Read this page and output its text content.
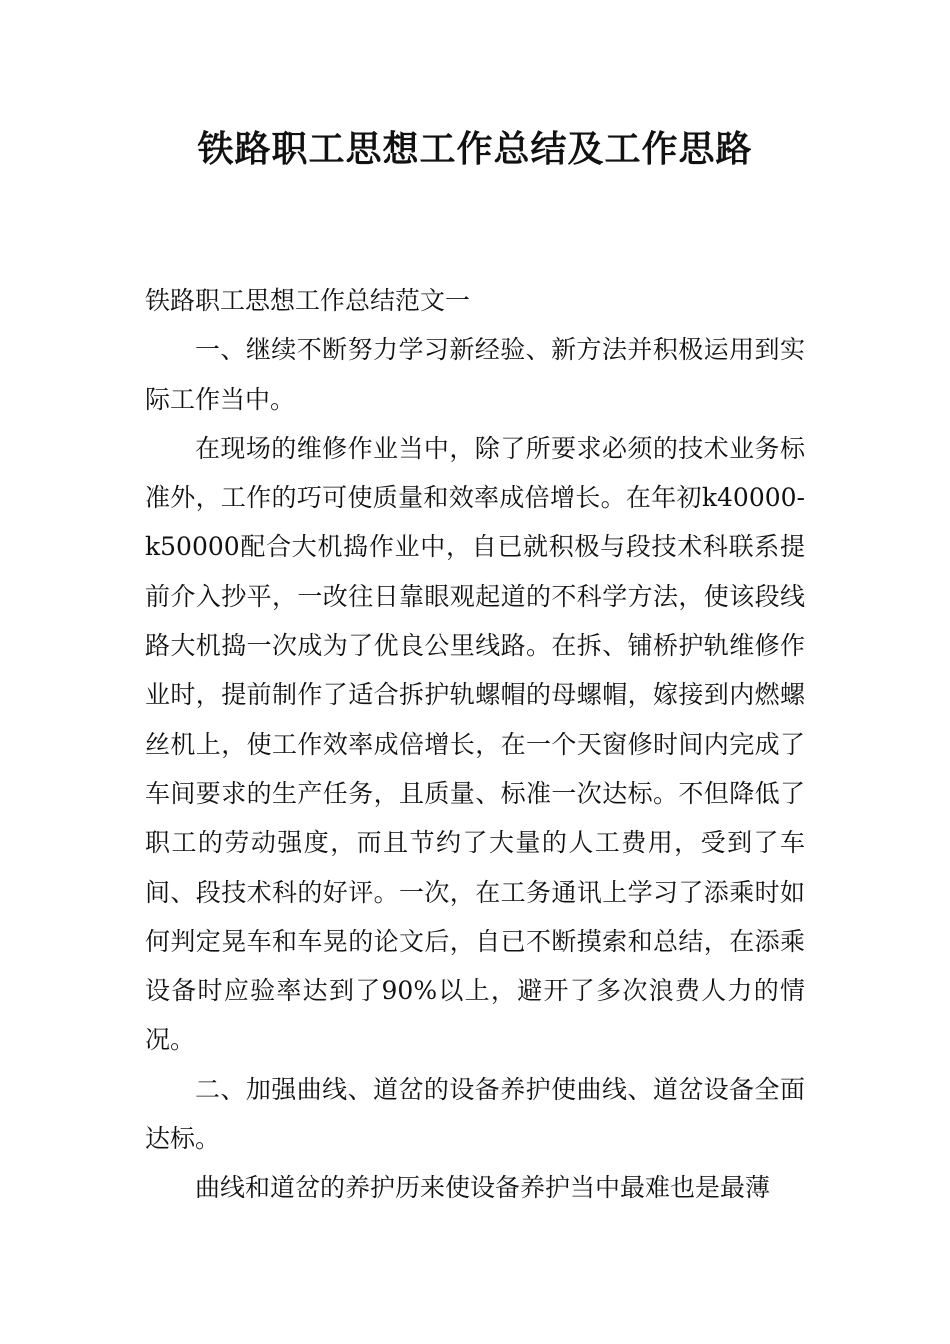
铁路职工思想工作总结及工作思路

铁路职工思想工作总结范文一

一、继续不断努力学习新经验、新方法并积极运用到实际工作当中。

在现场的维修作业当中，除了所要求必须的技术业务标准外，工作的巧可使质量和效率成倍增长。在年初k40000-k50000配合大机捣作业中，自已就积极与段技术科联系提前介入抄平，一改往日靠眼观起道的不科学方法，使该段线路大机捣一次成为了优良公里线路。在拆、铺桥护轨维修作业时，提前制作了适合拆护轨螺帽的母螺帽，嫁接到内燃螺丝机上，使工作效率成倍增长，在一个天窗修时间内完成了车间要求的生产任务，且质量、标准一次达标。不但降低了职工的劳动强度，而且节约了大量的人工费用，受到了车间、段技术科的好评。一次，在工务通讯上学习了添乘时如何判定晃车和车晃的论文后，自已不断摸索和总结，在添乘设备时应验率达到了90%以上，避开了多次浪费人力的情况。

二、加强曲线、道岔的设备养护使曲线、道岔设备全面达标。

曲线和道岔的养护历来使设备养护当中最难也是最薄
